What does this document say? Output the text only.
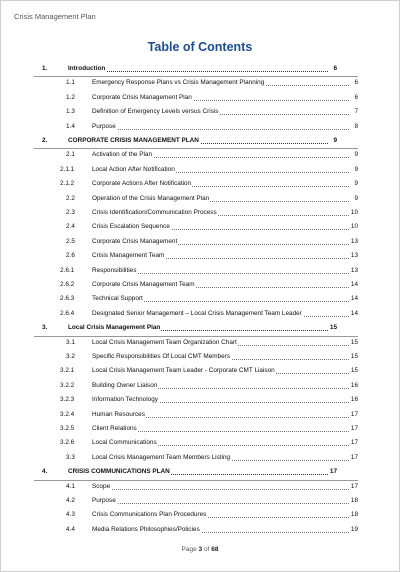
Crisis Management Plan
Table of Contents
1.	Introduction	6
1.1	Emergency Response Plans vs Crisis Management Planning	6
1.2	Corporate Crisis Management Plan	6
1.3	Definition of Emergency Levels versus Crisis	7
1.4	Purpose	8
2.	CORPORATE CRISIS MANAGEMENT PLAN	9
2.1	Activation of the Plan	9
2.1.1	Local Action After Notification	9
2.1.2	Corporate Actions After Notification	9
2.2	Operation of the Crisis Management Plan	9
2.3	Crisis Identification/Communication Process	10
2.4	Crisis Escalation Sequence	10
2.5	Corporate Crisis Management	13
2.6	Crisis Management Team	13
2.6.1	Responsibilities	13
2.6.2	Corporate Crisis Management Team	14
2.6.3	Technical Support	14
2.6.4	Designated Senior Management – Local Crisis Management Team Leader	14
3.	Local Crisis Management Plan	15
3.1	Local Crisis Management Team Organization Chart	15
3.2	Specific Responsibilities Of Local CMT Members	15
3.2.1	Local Crisis Management Team Leader - Corporate CMT Liaison	15
3.2.2	Building Owner Liaison	16
3.2.3	Information Technology	16
3.2.4	Human Resources	17
3.2.5	Client Relations	17
3.2.6	Local Communications	17
3.3	Local Crisis Management Team Members Listing	17
4.	CRISIS COMMUNICATIONS PLAN	17
4.1	Scope	17
4.2	Purpose	18
4.3	Crisis Communications Plan Procedures	18
4.4	Media Relations Philosophies/Policies	19
Page 3 of 68
